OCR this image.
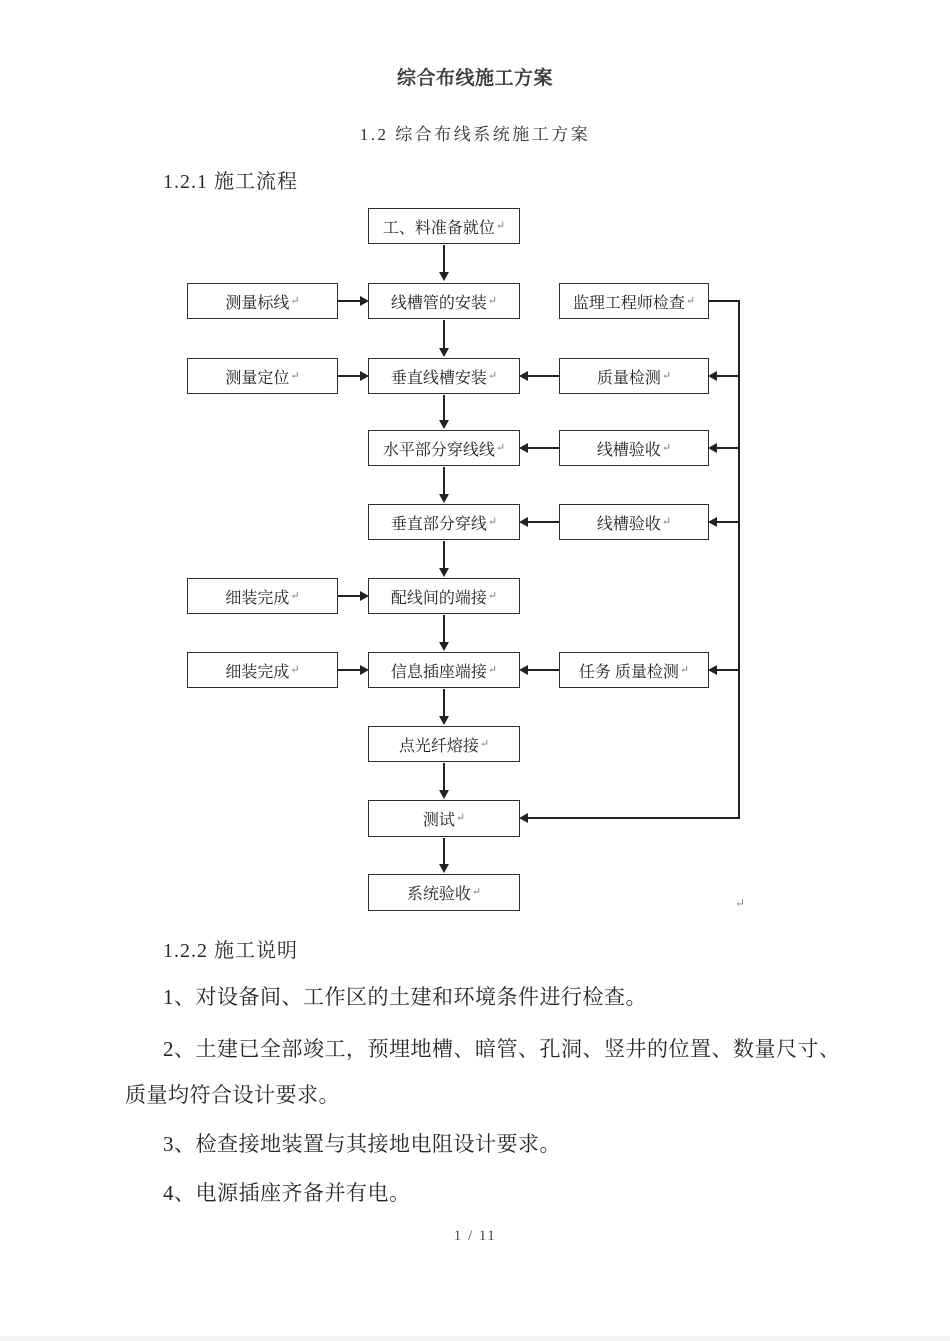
综合布线施工方案
1.2 综合布线系统施工方案
1.2.1 施工流程
工、料准备就位 ↵
测量标线 ↵	线槽管的安装 ↵	监理工程师检查 ↵
测量定位 ↵	垂直线槽安装 ↵	质量检测 ↵
水平部分穿线线 ↵	线槽验收 ↵
垂直部分穿线 ↵	线槽验收 ↵
细装完成 ↵	配线间的端接 ↵
细装完成 ↵	信息插座端接 ↵	任务 质量检测 ↵
点光纤熔接 ↵
测试 ↵
系统验收 ↵
↵
1.2.2 施工说明

1、对设备间、工作区的土建和环境条件进行检查。

2、土建已全部竣工，预埋地槽、暗管、孔洞、竖井的位置、数量尺寸、

质量均符合设计要求。

3、检查接地装置与其接地电阻设计要求。

4、电源插座齐备并有电。

1 / 11
